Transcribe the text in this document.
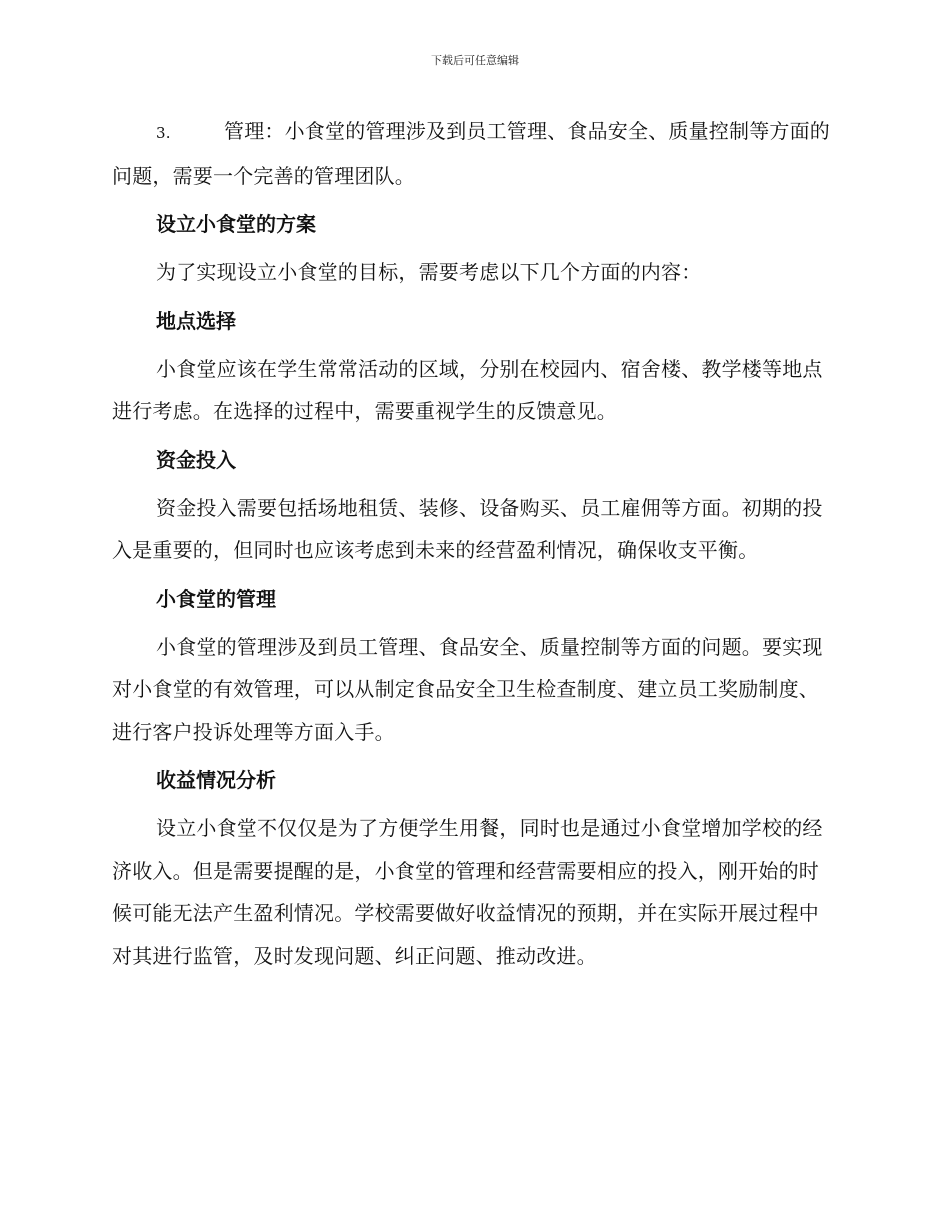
下载后可任意编辑

3.	管理：小食堂的管理涉及到员工管理、食品安全、质量控制等方面的问题，需要一个完善的管理团队。

设立小食堂的方案

为了实现设立小食堂的目标，需要考虑以下几个方面的内容：

地点选择

小食堂应该在学生常常活动的区域，分别在校园内、宿舍楼、教学楼等地点进行考虑。在选择的过程中，需要重视学生的反馈意见。

资金投入

资金投入需要包括场地租赁、装修、设备购买、员工雇佣等方面。初期的投入是重要的，但同时也应该考虑到未来的经营盈利情况，确保收支平衡。

小食堂的管理

小食堂的管理涉及到员工管理、食品安全、质量控制等方面的问题。要实现对小食堂的有效管理，可以从制定食品安全卫生检查制度、建立员工奖励制度、进行客户投诉处理等方面入手。

收益情况分析

设立小食堂不仅仅是为了方便学生用餐，同时也是通过小食堂增加学校的经济收入。但是需要提醒的是，小食堂的管理和经营需要相应的投入，刚开始的时候可能无法产生盈利情况。学校需要做好收益情况的预期，并在实际开展过程中对其进行监管，及时发现问题、纠正问题、推动改进。
